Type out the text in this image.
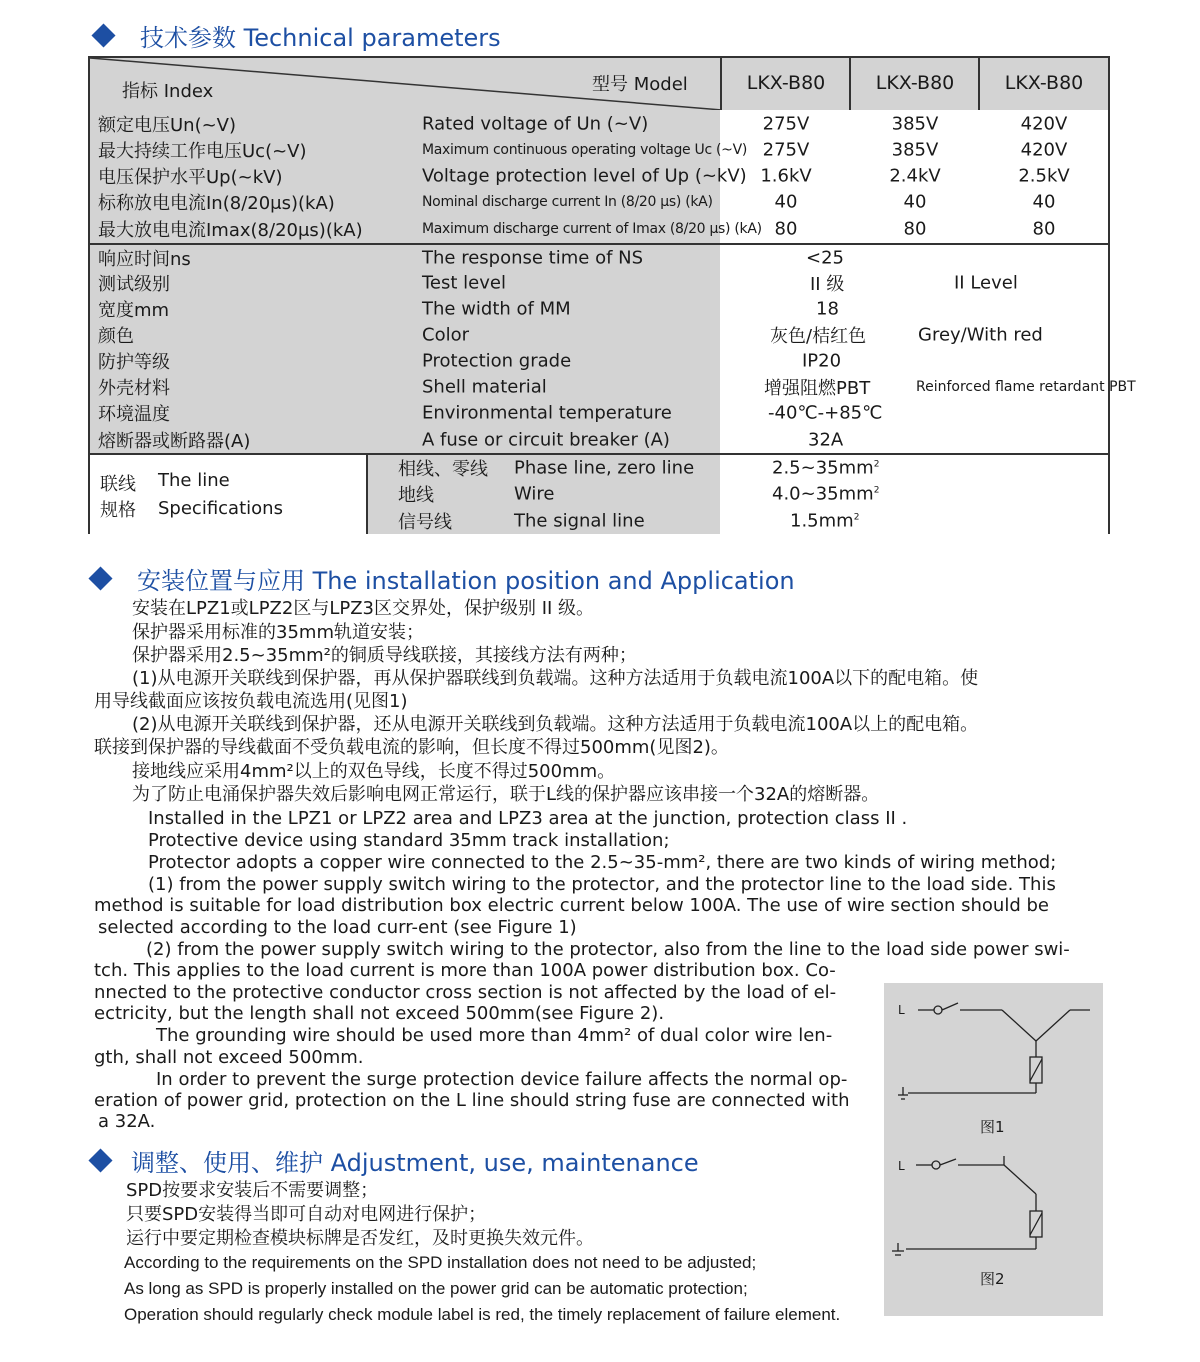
技术参数 Technical parameters
指标 Index	型号 Model	LKX-B80	LKX-B80	LKX-B80
额定电压Un(~V)	Rated voltage of Un (~V)	275V	385V	420V
最大持续工作电压Uc(~V)	Maximum continuous operating voltage Uc (~V) 275V	385V	420V
电压保护水平Up(~kV)	Voltage protection level of Up (~kV) 1.6kV	2.4kV	2.5kV
标称放电电流In(8/20μs)(kA)	Nominal discharge current In (8/20 μs) (kA)	40	40	40
最大放电电流Imax(8/20μs)(kA)	Maximum discharge current of Imax (8/20 μs) (kA) 80	80	80
响应时间ns	The response time of NS	<25
测试级别	Test level	II 级	II Level
宽度mm	The width of MM	18
颜色	Color	灰色/桔红色	Grey/With red
防护等级	Protection grade	IP20
外壳材料	Shell material	增强阻燃PBT	Reinforced flame retardant PBT
环境温度	Environmental temperature	-40℃-+85℃
熔断器或断路器(A)	A fuse or circuit breaker (A)	32A
联线 The line
规格 Specifications
相线、零线 Phase line, zero line	$2.5\sim 35mm^2$
地线	Wire	$4.0\sim 35mm^2$
信号线	The signal line	$1.5mm^2$
安装位置与应用 The installation position and Application
安装在LPZ1或LPZ2区与LPZ3区交界处，保护级别 II 级。
保护器采用标准的35mm轨道安装；
保护器采用2.5~35mm²的铜质导线联接，其接线方法有两种；
(1)从电源开关联线到保护器，再从保护器联线到负载端。这种方法适用于负载电流100A以下的配电箱。使
用导线截面应该按负载电流选用(见图1)
(2)从电源开关联线到保护器，还从电源开关联线到负载端。这种方法适用于负载电流100A以上的配电箱。
联接到保护器的导线截面不受负载电流的影响，但长度不得过500mm(见图2)。
接地线应采用4mm²以上的双色导线，长度不得过500mm。
为了防止电涌保护器失效后影响电网正常运行，联于L线的保护器应该串接一个32A的熔断器。
Installed in the LPZ1 or LPZ2 area and LPZ3 area at the junction, protection class II .
Protective device using standard 35mm track installation;
Protector adopts a copper wire connected to the 2.5~35-mm², there are two kinds of wiring method;
(1) from the power supply switch wiring to the protector, and the protector line to the load side. This
method is suitable for load distribution box electric current below 100A. The use of wire section should be
selected according to the load curr-ent (see Figure 1)
(2) from the power supply switch wiring to the protector, also from the line to the load side power swi-
tch. This applies to the load current is more than 100A power distribution box. Co-
nnected to the protective conductor cross section is not affected by the load of el-
ectricity, but the length shall not exceed 500mm(see Figure 2).
The grounding wire should be used more than 4mm² of dual color wire len-
gth, shall not exceed 500mm.
In order to prevent the surge protection device failure affects the normal op-
eration of power grid, protection on the L line should string fuse are connected with
a 32A.
调整、使用、维护 Adjustment, use, maintenance
SPD按要求安装后不需要调整；
只要SPD安装得当即可自动对电网进行保护；
运行中要定期检查模块标牌是否发红，及时更换失效元件。
According to the requirements on the SPD installation does not need to be adjusted;
As long as SPD is properly installed on the power grid can be automatic protection;
Operation should regularly check module label is red, the timely replacement of failure element.
L
图1
L
图2
